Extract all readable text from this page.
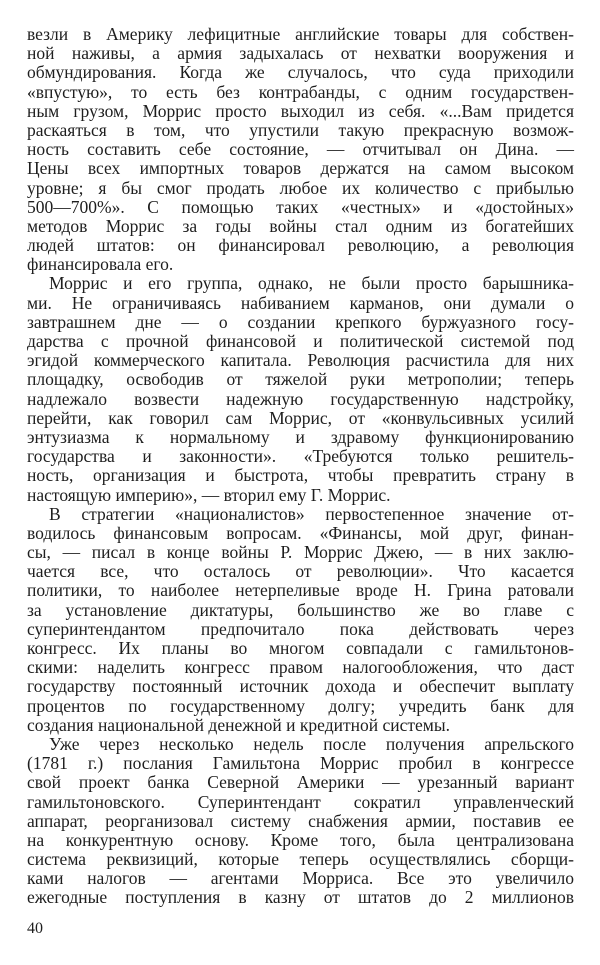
везли в Америку лефицитные английские товары для собствен-
ной наживы, а армия задыхалась от нехватки вооружения и
обмундирования. Когда же случалось, что суда приходили
«впустую», то есть без контрабанды, с одним государствен-
ным грузом, Моррис просто выходил из себя. «...Вам придется
раскаяться в том, что упустили такую прекрасную возмож-
ность составить себе состояние, — отчитывал он Дина. —
Цены всех импортных товаров держатся на самом высоком
уровне; я бы смог продать любое их количество с прибылью
500—700%». С помощью таких «честных» и «достойных»
методов Моррис за годы войны стал одним из богатейших
людей штатов: он финансировал революцию, а революция
финансировала его.
Моррис и его группа, однако, не были просто барышника-
ми. Не ограничиваясь набиванием карманов, они думали о
завтрашнем дне — о создании крепкого буржуазного госу-
дарства с прочной финансовой и политической системой под
эгидой коммерческого капитала. Революция расчистила для них
площадку, освободив от тяжелой руки метрополии; теперь
надлежало возвести надежную государственную надстройку,
перейти, как говорил сам Моррис, от «конвульсивных усилий
энтузиазма к нормальному и здравому функционированию
государства и законности». «Требуются только решитель-
ность, организация и быстрота, чтобы превратить страну в
настоящую империю», — вторил ему Г. Моррис.
В стратегии «националистов» первостепенное значение от-
водилось финансовым вопросам. «Финансы, мой друг, финан-
сы, — писал в конце войны Р. Моррис Джею, — в них заклю-
чается все, что осталось от революции». Что касается
политики, то наиболее нетерпеливые вроде Н. Грина ратовали
за установление диктатуры, большинство же во главе с
суперинтендантом предпочитало пока действовать через
конгресс. Их планы во многом совпадали с гамильтонов-
скими: наделить конгресс правом налогообложения, что даст
государству постоянный источник дохода и обеспечит выплату
процентов по государственному долгу; учредить банк для
создания национальной денежной и кредитной системы.
Уже через несколько недель после получения апрельского
(1781 г.) послания Гамильтона Моррис пробил в конгрессе
свой проект банка Северной Америки — урезанный вариант
гамильтоновского. Суперинтендант сократил управленческий
аппарат, реорганизовал систему снабжения армии, поставив ее
на конкурентную основу. Кроме того, была централизована
система реквизиций, которые теперь осуществлялись сборщи-
ками налогов — агентами Морриса. Все это увеличило
ежегодные поступления в казну от штатов до 2 миллионов
40
